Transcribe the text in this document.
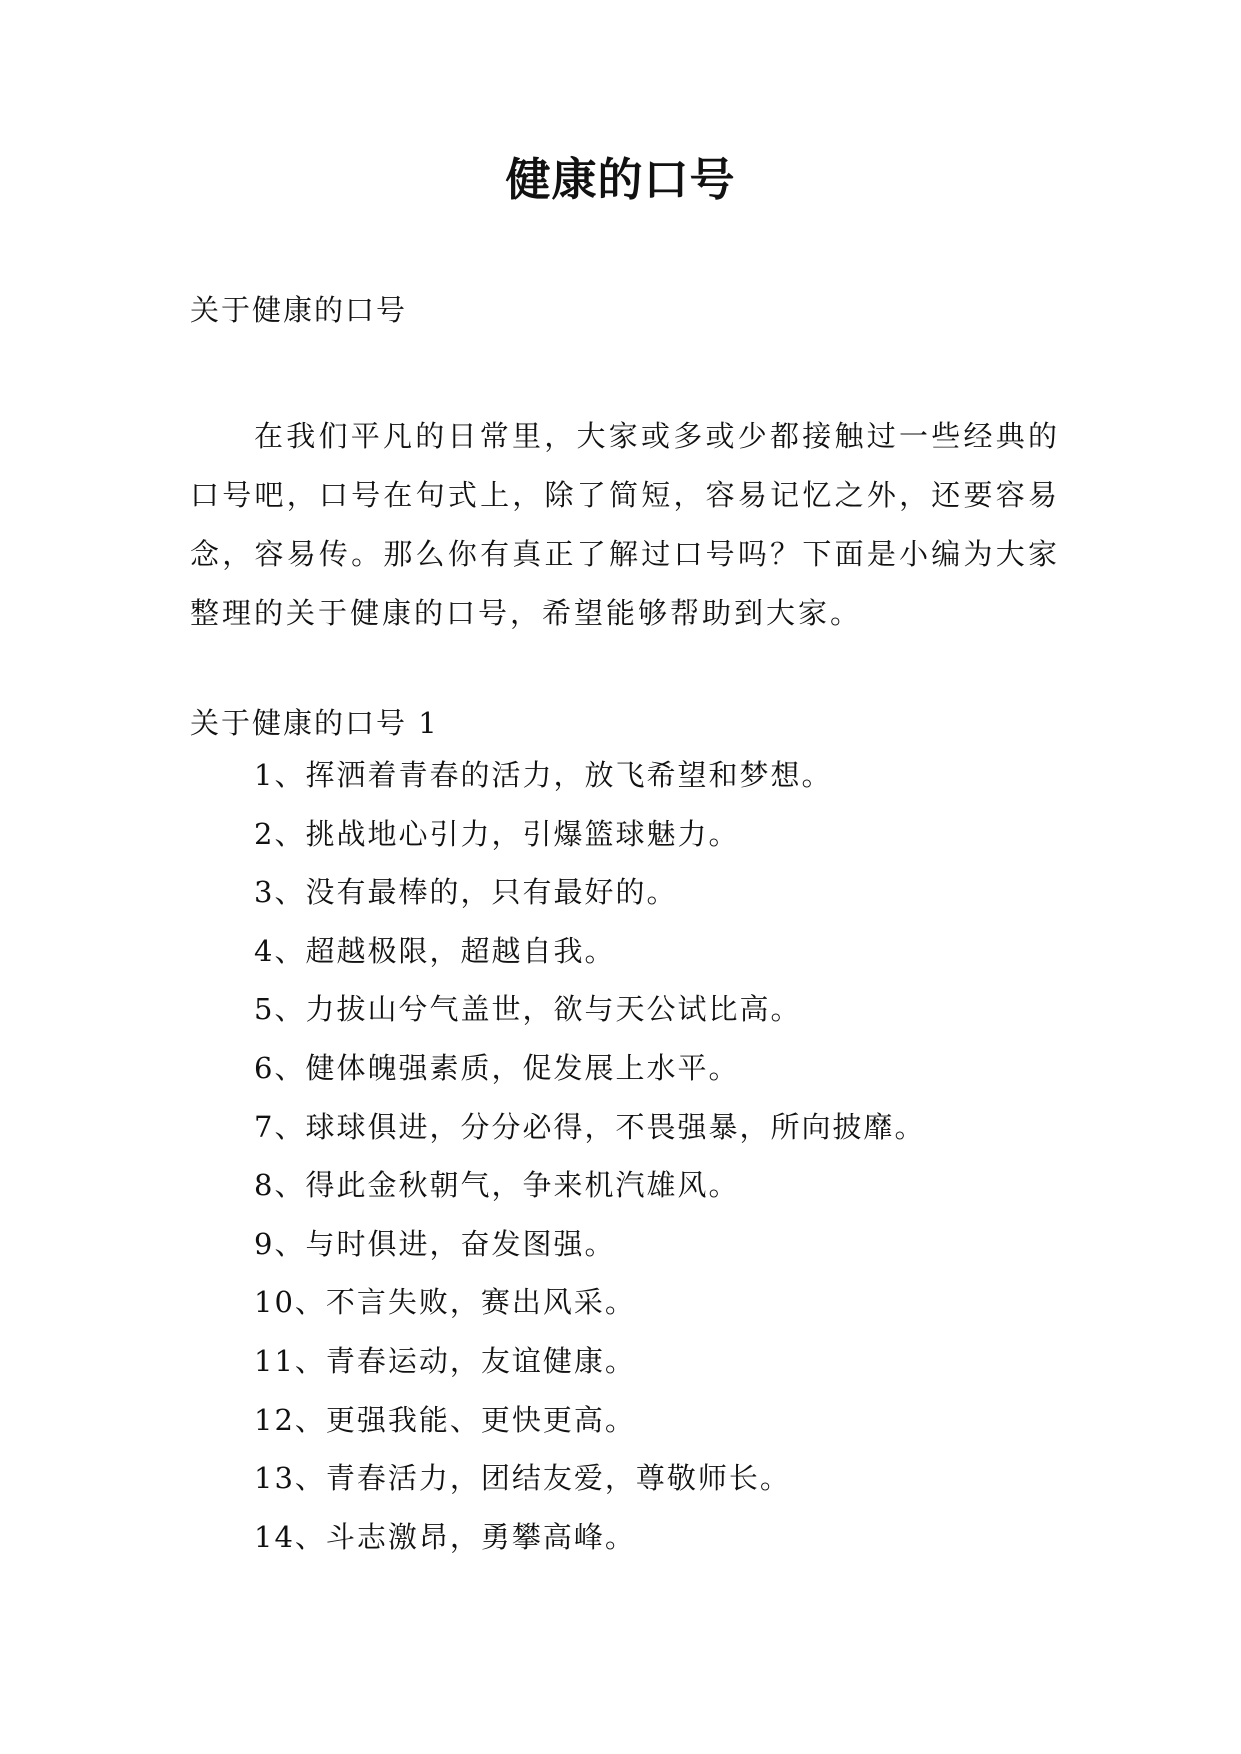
健康的口号
关于健康的口号

在我们平凡的日常里，大家或多或少都接触过一些经典的口号吧，口号在句式上，除了简短，容易记忆之外，还要容易念，容易传。那么你有真正了解过口号吗？下面是小编为大家整理的关于健康的口号，希望能够帮助到大家。

关于健康的口号 1
1、挥洒着青春的活力，放飞希望和梦想。
2、挑战地心引力，引爆篮球魅力。
3、没有最棒的，只有最好的。
4、超越极限，超越自我。
5、力拔山兮气盖世，欲与天公试比高。
6、健体魄强素质，促发展上水平。
7、球球俱进，分分必得，不畏强暴，所向披靡。
8、得此金秋朝气，争来机汽雄风。
9、与时俱进，奋发图强。
10、不言失败，赛出风采。
11、青春运动，友谊健康。
12、更强我能、更快更高。
13、青春活力，团结友爱，尊敬师长。
14、斗志激昂，勇攀高峰。
